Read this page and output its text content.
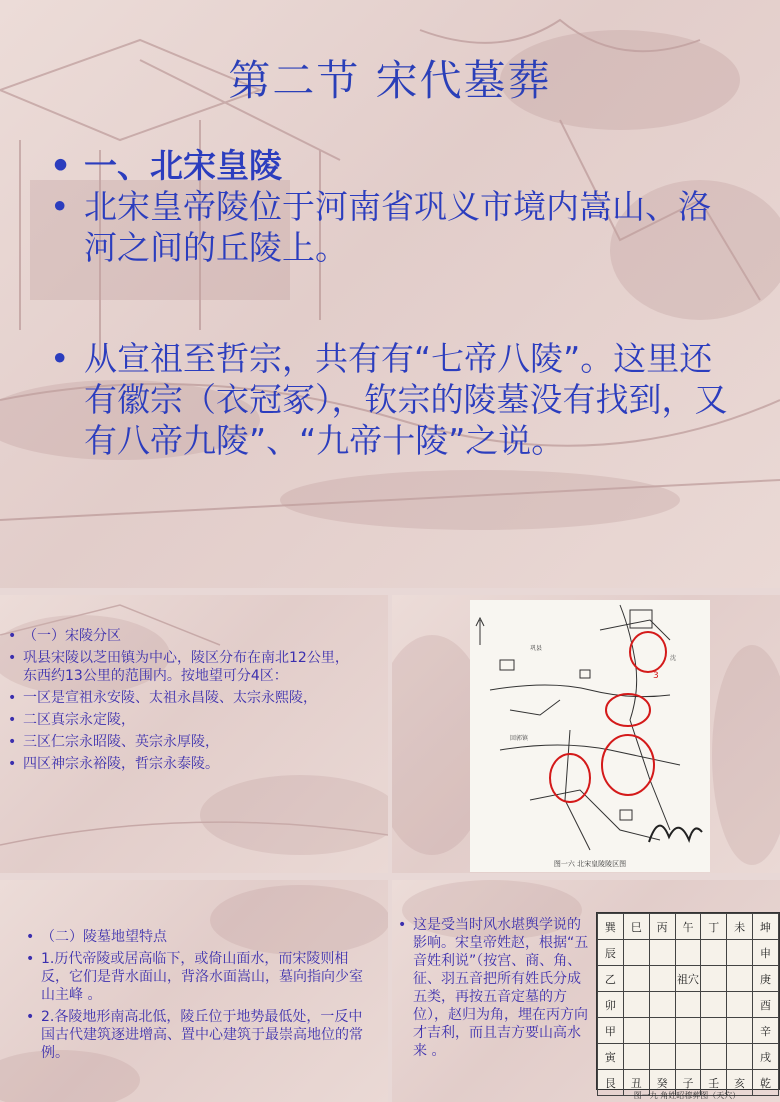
第二节 宋代墓葬
• 一、北宋皇陵
• 北宋皇帝陵位于河南省巩义市境内嵩山、洛河之间的丘陵上。
• 从宣祖至哲宗，共有有“七帝八陵”。这里还有徽宗（衣冠冢），钦宗的陵墓没有找到，又有八帝九陵”、“九帝十陵”之说。
• （一）宋陵分区
• 巩县宋陵以芝田镇为中心，陵区分布在南北12公里，东西约13公里的范围内。按地望可分4区：
• 一区是宣祖永安陵、太祖永昌陵、太宗永熙陵，
• 二区真宗永定陵，
• 三区仁宗永昭陵、英宗永厚陵，
• 四区神宗永裕陵，哲宗永泰陵。
巩县
回郭镇
沈
3
图一六 北宋皇陵陵区图
• （二）陵墓地望特点
• 1.历代帝陵或居高临下，或倚山面水，而宋陵则相反，它们是背水面山，背洛水面嵩山，墓向指向少室山主峰 。
• 2.各陵地形南高北低，陵丘位于地势最低处，一反中国古代建筑逐进增高、置中心建筑于最崇高地位的常例。
• 这是受当时风水堪舆学说的影响。宋皇帝姓赵，根据“五音姓利说”（按宫、商、角、征、羽五音把所有姓氏分成五类，再按五音定墓的方位），赵归为角，埋在丙方向才吉利，而且吉方要山高水来 。
巽	巳	丙	午	丁	未	坤
辰						申
乙			祖穴			庚
卯						酉
甲						辛
寅						戌
艮	丑	癸	子	壬	亥	乾
图一九 角姓昭穆葬图（天穴）
